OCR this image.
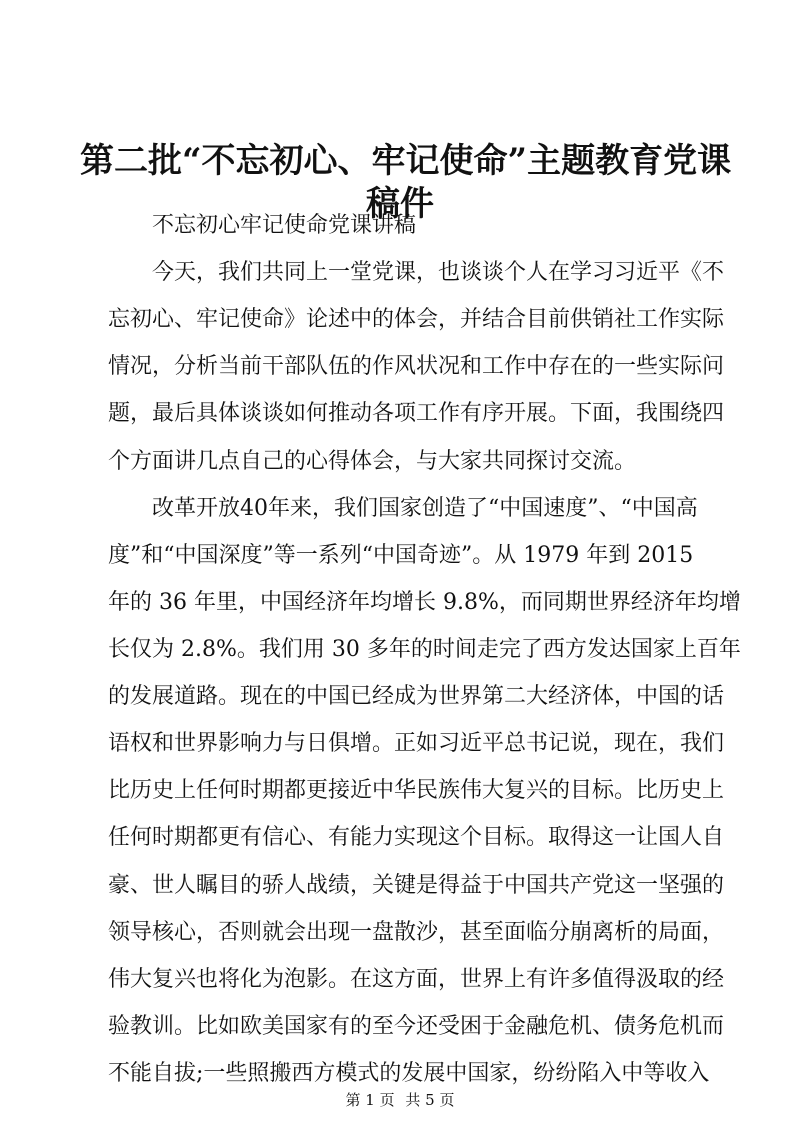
第二批“不忘初心、牢记使命”主题教育党课
稿件

不忘初心牢记使命党课讲稿

今天，我们共同上一堂党课，也谈谈个人在学习习近平《不

忘初心、牢记使命》论述中的体会，并结合目前供销社工作实际

情况，分析当前干部队伍的作风状况和工作中存在的一些实际问

题，最后具体谈谈如何推动各项工作有序开展。下面，我围绕四

个方面讲几点自己的心得体会，与大家共同探讨交流。

改革开放40年来，我们国家创造了“中国速度”、“中国高

度”和“中国深度”等一系列“中国奇迹”。从 1979 年到 2015

年的 36 年里，中国经济年均增长 9.8%，而同期世界经济年均增

长仅为 2.8%。我们用 30 多年的时间走完了西方发达国家上百年

的发展道路。现在的中国已经成为世界第二大经济体，中国的话

语权和世界影响力与日俱增。正如习近平总书记说，现在，我们

比历史上任何时期都更接近中华民族伟大复兴的目标。比历史上

任何时期都更有信心、有能力实现这个目标。取得这一让国人自

豪、世人瞩目的骄人战绩，关键是得益于中国共产党这一坚强的

领导核心，否则就会出现一盘散沙，甚至面临分崩离析的局面，

伟大复兴也将化为泡影。在这方面，世界上有许多值得汲取的经

验教训。比如欧美国家有的至今还受困于金融危机、债务危机而

不能自拔;一些照搬西方模式的发展中国家，纷纷陷入中等收入

第 1 页 共 5 页
